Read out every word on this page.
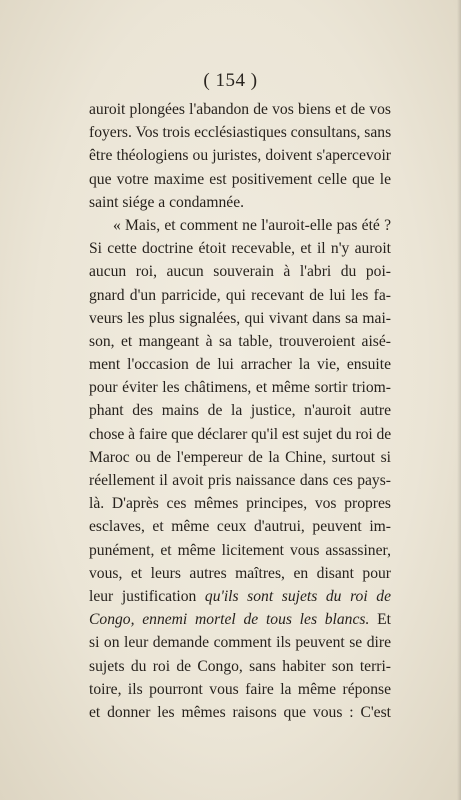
( 154 )
auroit plongées l'abandon de vos biens et de vos
foyers. Vos trois ecclésiastiques consultans, sans
être théologiens ou juristes, doivent s'apercevoir
que votre maxime est positivement celle que le
saint siége a condamnée.
« Mais, et comment ne l'auroit-elle pas été ?
Si cette doctrine étoit recevable, et il n'y auroit
aucun roi, aucun souverain à l'abri du poi-
gnard d'un parricide, qui recevant de lui les fa-
veurs les plus signalées, qui vivant dans sa mai-
son, et mangeant à sa table, trouveroient aisé-
ment l'occasion de lui arracher la vie, ensuite
pour éviter les châtimens, et même sortir triom-
phant des mains de la justice, n'auroit autre
chose à faire que déclarer qu'il est sujet du roi de
Maroc ou de l'empereur de la Chine, surtout si
réellement il avoit pris naissance dans ces pays-
là. D'après ces mêmes principes, vos propres
esclaves, et même ceux d'autrui, peuvent im-
punément, et même licitement vous assassiner,
vous, et leurs autres maîtres, en disant pour
leur justification qu'ils sont sujets du roi de
Congo, ennemi mortel de tous les blancs. Et
si on leur demande comment ils peuvent se dire
sujets du roi de Congo, sans habiter son terri-
toire, ils pourront vous faire la même réponse
et donner les mêmes raisons que vous : C'est
